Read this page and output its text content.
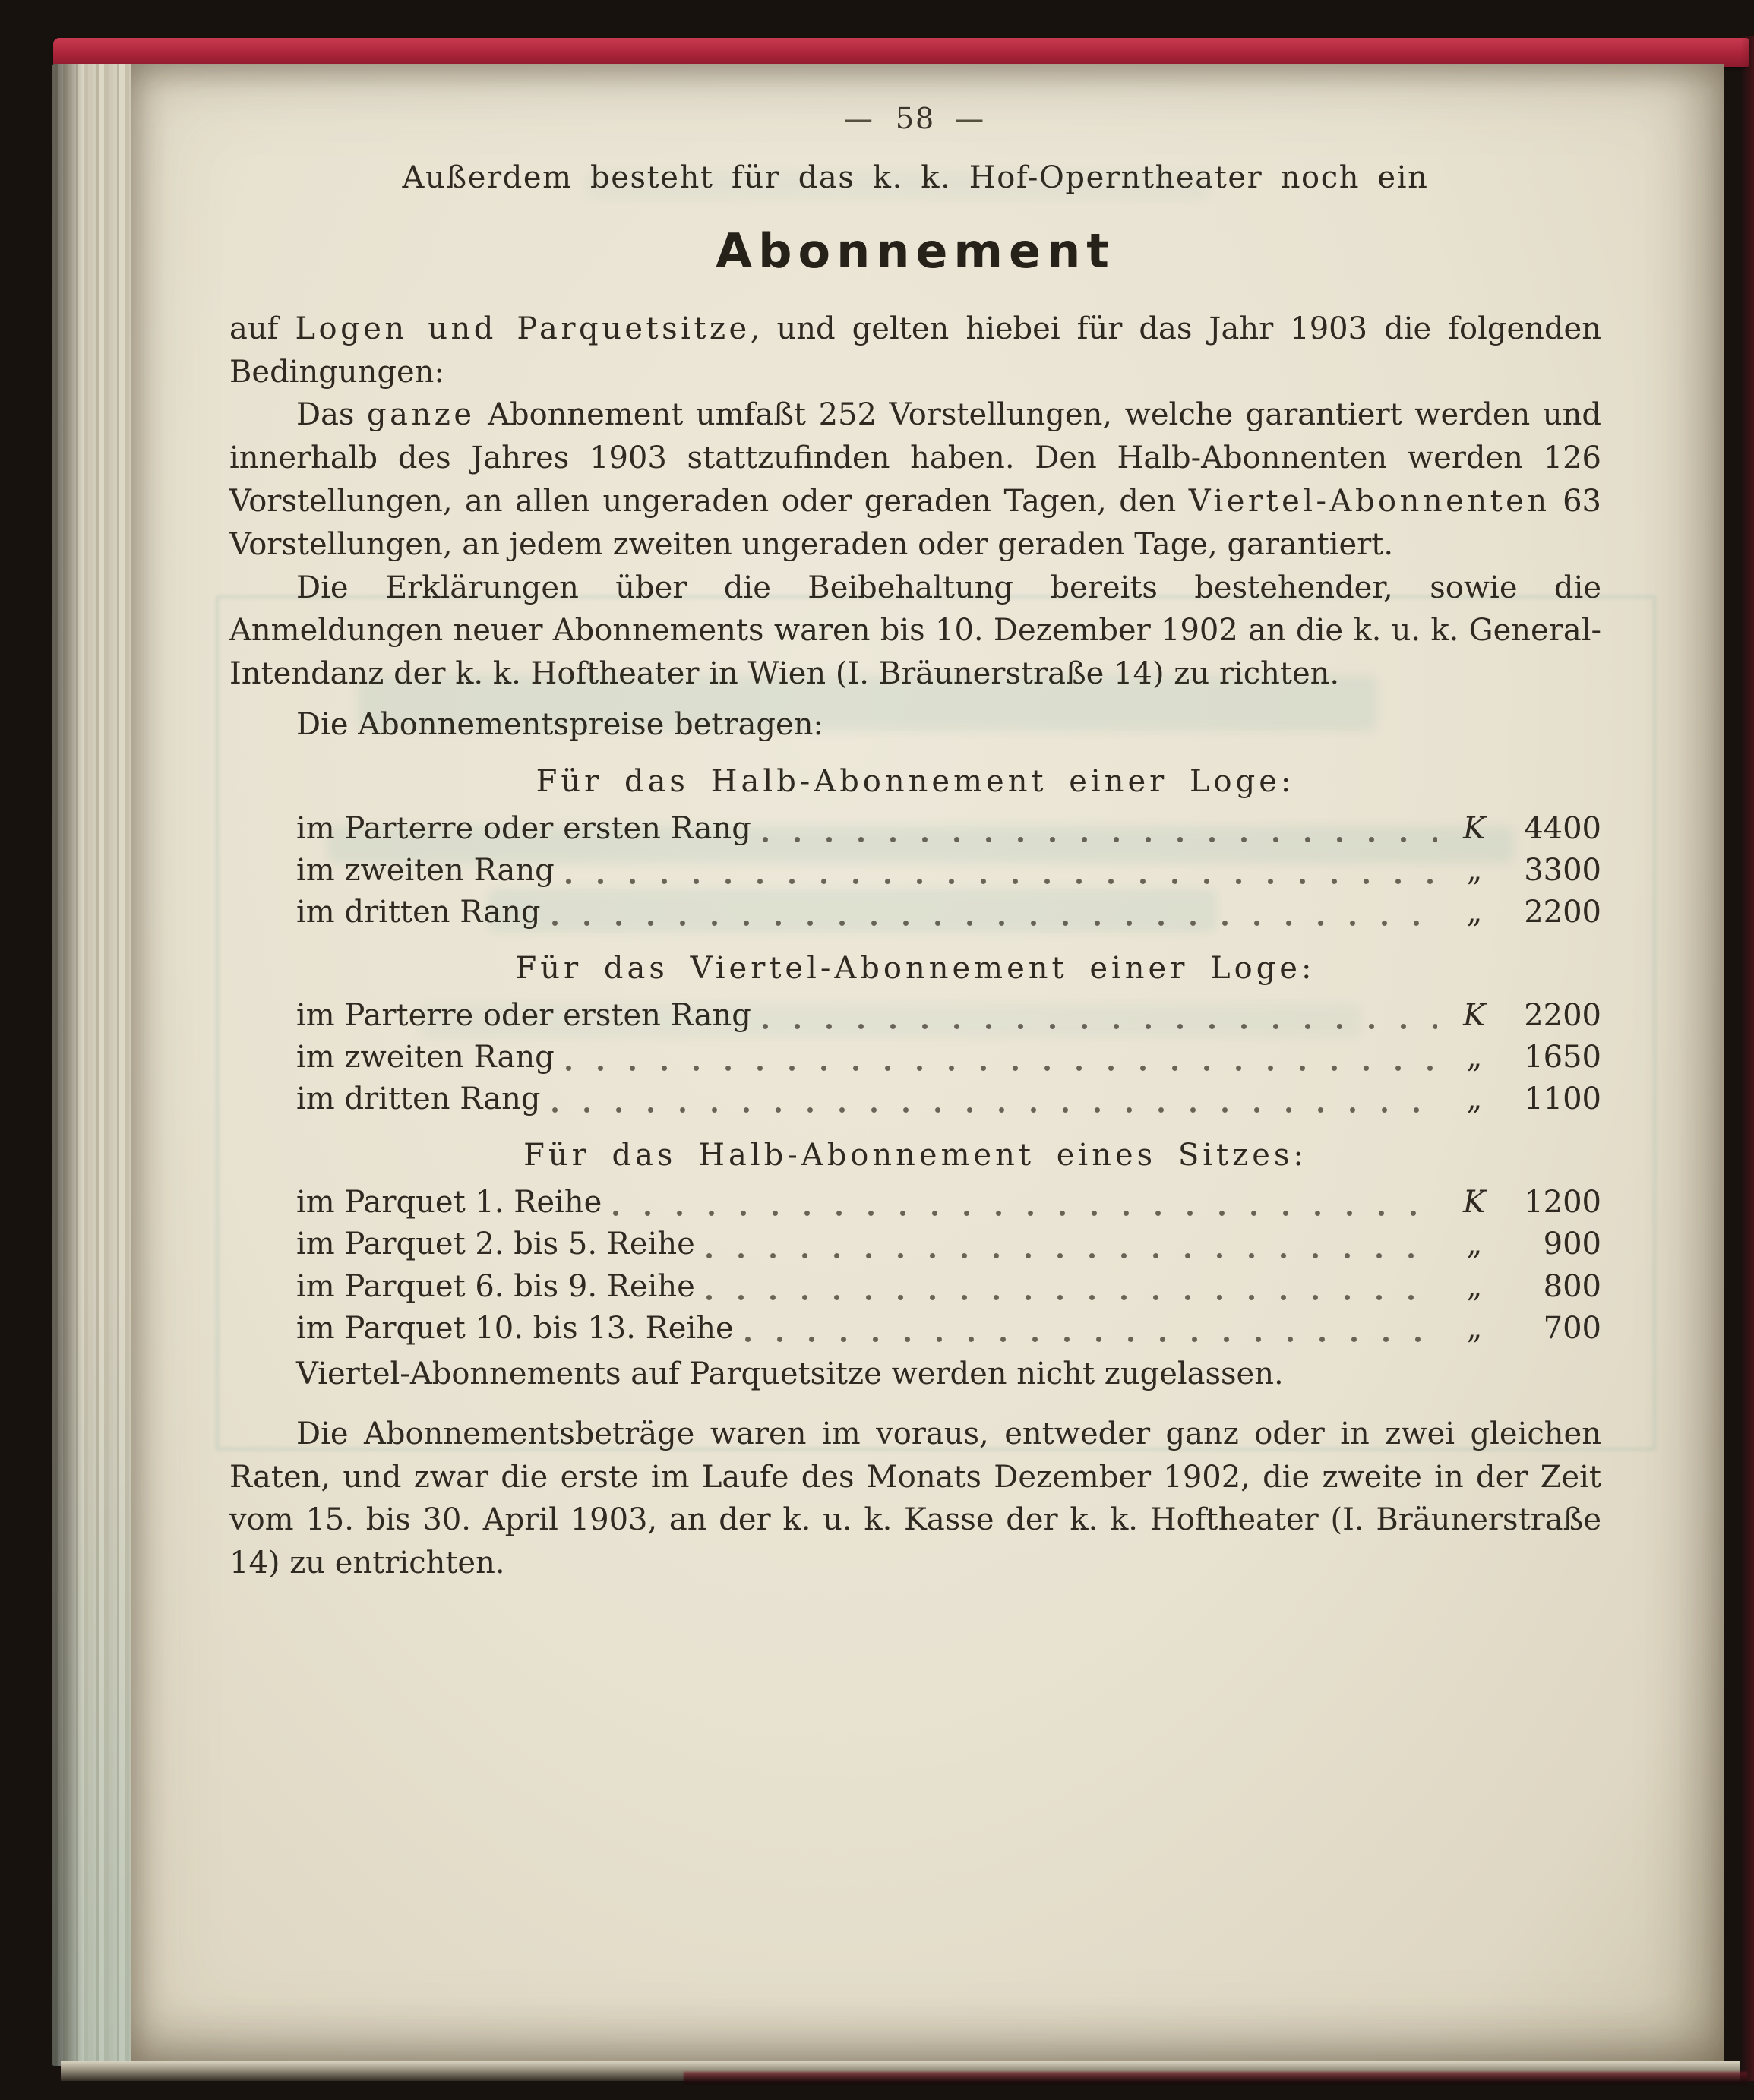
— 58 —
Außerdem besteht für das k. k. Hof-Operntheater noch ein
Abonnement

auf Logen und Parquetsitze, und gelten hiebei für das Jahr 1903 die folgenden Bedingungen:

Das ganze Abonnement umfaßt 252 Vorstellungen, welche garantiert werden und innerhalb des Jahres 1903 stattzufinden haben. Den Halb-Abonnenten werden 126 Vorstellungen, an allen ungeraden oder geraden Tagen, den Viertel-Abonnenten 63 Vorstellungen, an jedem zweiten ungeraden oder geraden Tage, garantiert.

Die Erklärungen über die Beibehaltung bereits bestehender, sowie die Anmeldungen neuer Abonnements waren bis 10. Dezember 1902 an die k. u. k. General-Intendanz der k. k. Hoftheater in Wien (I. Bräunerstraße 14) zu richten.

Die Abonnementspreise betragen:

Für das Halb-Abonnement einer Loge:
im Parterre oder ersten Rang	K	4400
im zweiten Rang	„	3300
im dritten Rang	„	2200
Für das Viertel-Abonnement einer Loge:
im Parterre oder ersten Rang	K	2200
im zweiten Rang	„	1650
im dritten Rang	„	1100
Für das Halb-Abonnement eines Sitzes:
im Parquet 1. Reihe	K	1200
im Parquet 2. bis 5. Reihe	„	900
im Parquet 6. bis 9. Reihe	„	800
im Parquet 10. bis 13. Reihe	„	700

Viertel-Abonnements auf Parquetsitze werden nicht zugelassen.

Die Abonnementsbeträge waren im voraus, entweder ganz oder in zwei gleichen Raten, und zwar die erste im Laufe des Monats Dezember 1902, die zweite in der Zeit vom 15. bis 30. April 1903, an der k. u. k. Kasse der k. k. Hoftheater (I. Bräunerstraße 14) zu entrichten.
